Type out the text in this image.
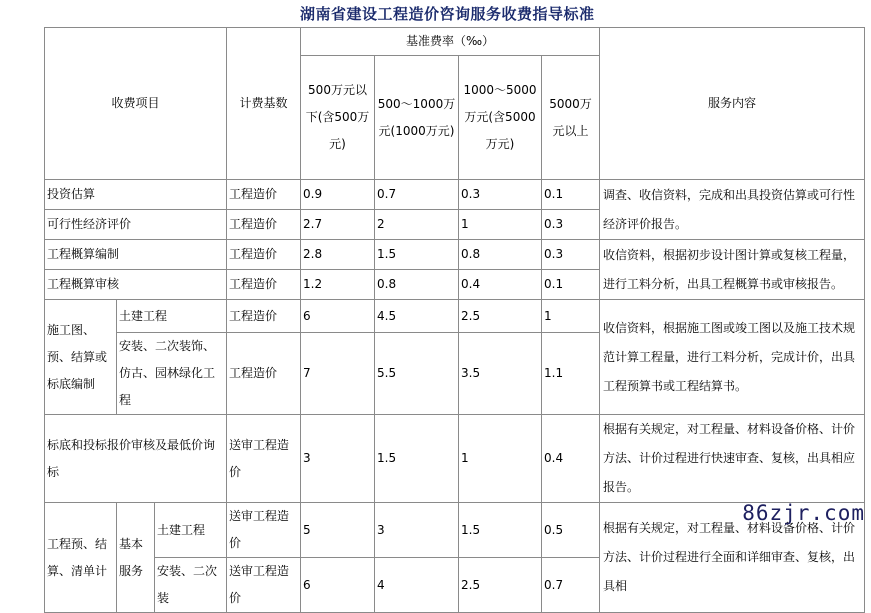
湖南省建设工程造价咨询服务收费指导标准
收费项目			计费基数	基准费率（‰）				服务内容
				500万元以下(含500万元)	500～1000万元(1000万元)	1000～5000万元(含5000万元)	5000万元以上	
投资估算			工程造价	0.9	0.7	0.3	0.1	调查、收信资料，完成和出具投资估算或可行性经济评价报告。
可行性经济评价			工程造价	2.7	2	1	0.3	
工程概算编制			工程造价	2.8	1.5	0.8	0.3	收信资料，根据初步设计图计算或复核工程量，进行工料分析，出具工程概算书或审核报告。
工程概算审核			工程造价	1.2	0.8	0.4	0.1	
施工图、预、结算或标底编制	土建工程		工程造价	6	4.5	2.5	1	收信资料，根据施工图或竣工图以及施工技术规范计算工程量，进行工料分析，完成计价，出具工程预算书或工程结算书。
	安装、二次装饰、仿古、园林绿化工程		工程造价	7	5.5	3.5	1.1	
标底和投标报价审核及最低价询标			送审工程造价	3	1.5	1	0.4	根据有关规定，对工程量、材料设备价格、计价方法、计价过程进行快速审查、复核，出具相应报告。
工程预、结算、清单计	基本服务	土建工程	送审工程造价	5	3	1.5	0.5	根据有关规定，对工程量、材料设备价格、计价方法、计价过程进行全面和详细审查、复核，出具相
		安装、二次装	送审工程造价	6	4	2.5	0.7	
86zjr.com
